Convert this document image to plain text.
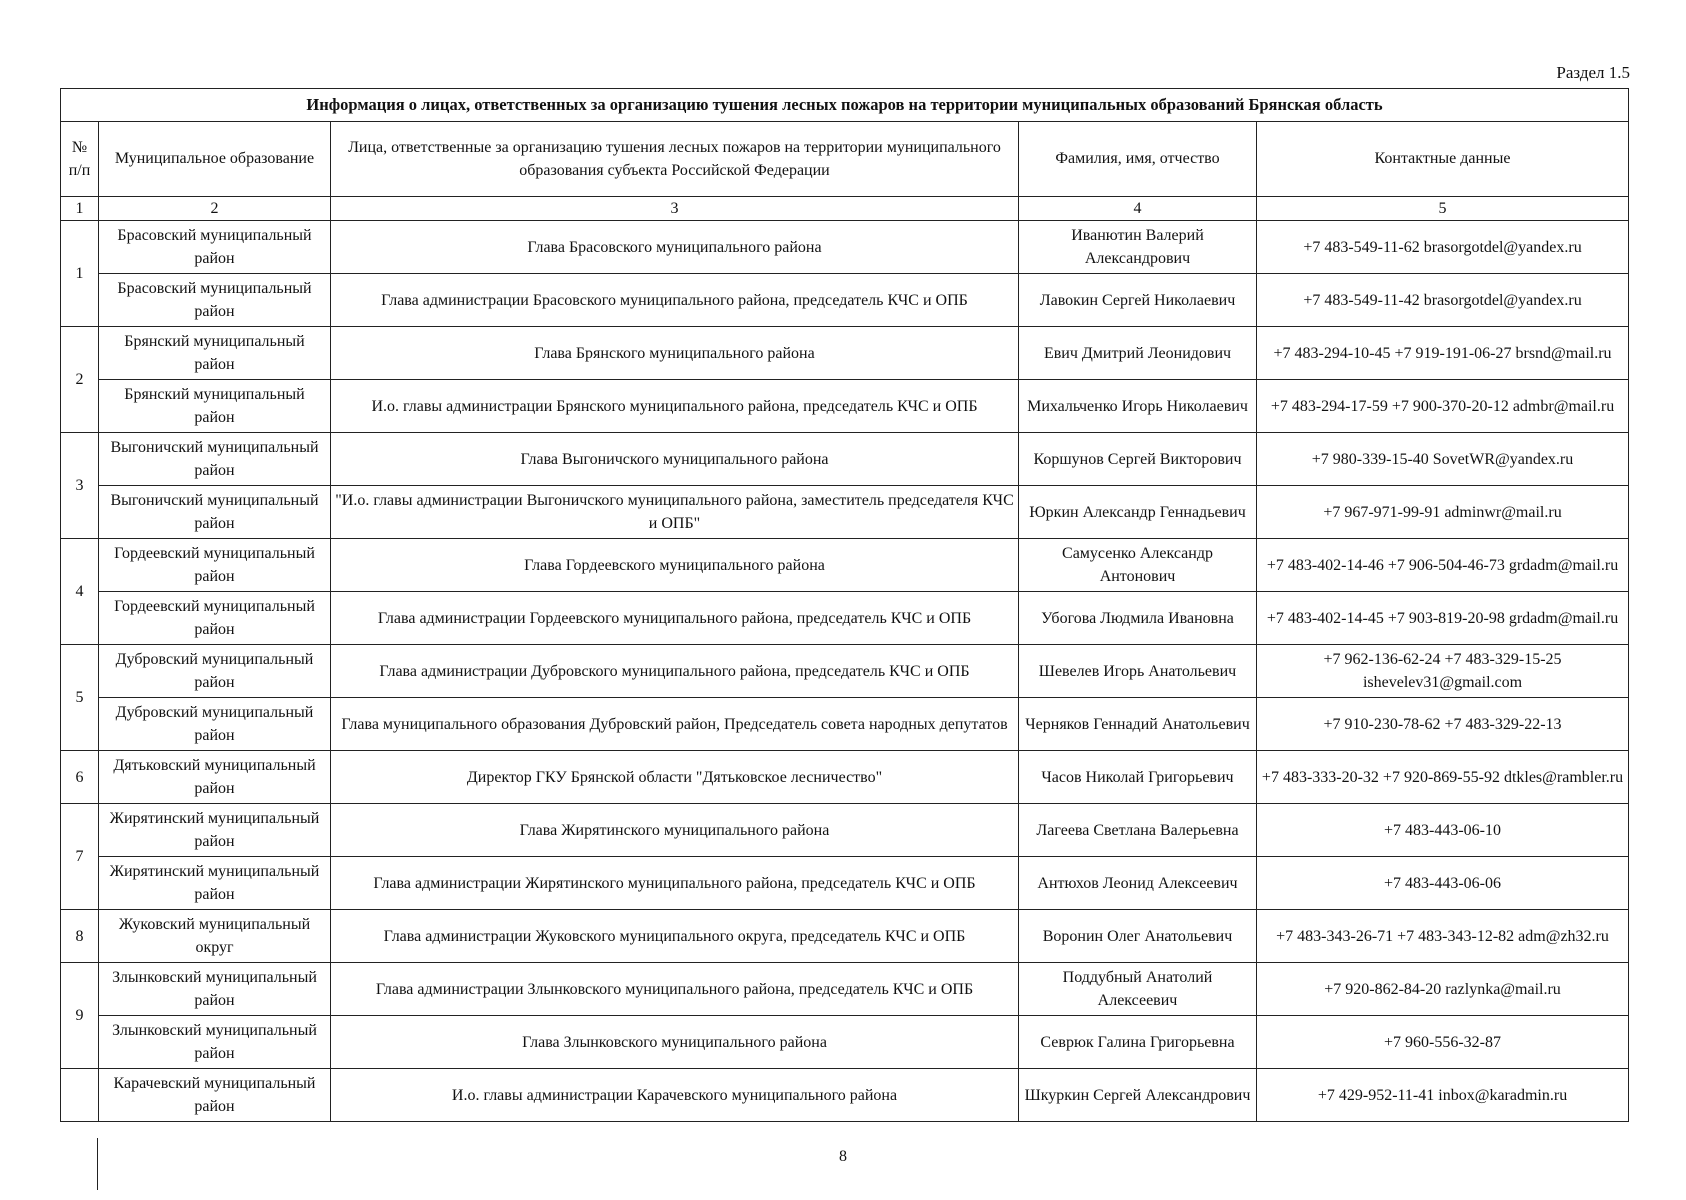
Раздел 1.5
Информация о лицах, ответственных за организацию тушения лесных пожаров на территории муниципальных образований Брянская область				
№ п/п	Муниципальное образование	Лица, ответственные за организацию тушения лесных пожаров на территории муниципального образования субъекта Российской Федерации	Фамилия, имя, отчество	Контактные данные
1	2	3	4	5
1	Брасовский муниципальный район	Глава Брасовского муниципального района	Иванютин Валерий Александрович	+7 483-549-11-62 brasorgotdel@yandex.ru
	Брасовский муниципальный район	Глава администрации Брасовского муниципального района, председатель КЧС и ОПБ	Лавокин Сергей Николаевич	+7 483-549-11-42 brasorgotdel@yandex.ru
2	Брянский муниципальный район	Глава Брянского муниципального района	Евич Дмитрий Леонидович	+7 483-294-10-45 +7 919-191-06-27 brsnd@mail.ru
	Брянский муниципальный район	И.о. главы администрации Брянского муниципального района, председатель КЧС и ОПБ	Михальченко Игорь Николаевич	+7 483-294-17-59 +7 900-370-20-12 admbr@mail.ru
3	Выгоничский муниципальный район	Глава Выгоничского муниципального района	Коршунов Сергей Викторович	+7 980-339-15-40 SovetWR@yandex.ru
	Выгоничский муниципальный район	"И.о. главы администрации Выгоничского муниципального района, заместитель председателя КЧС и ОПБ"	Юркин Александр Геннадьевич	+7 967-971-99-91 adminwr@mail.ru
4	Гордеевский муниципальный район	Глава Гордеевского муниципального района	Самусенко Александр Антонович	+7 483-402-14-46 +7 906-504-46-73 grdadm@mail.ru
	Гордеевский муниципальный район	Глава администрации Гордеевского муниципального района, председатель КЧС и ОПБ	Убогова Людмила Ивановна	+7 483-402-14-45 +7 903-819-20-98 grdadm@mail.ru
5	Дубровский муниципальный район	Глава администрации Дубровского муниципального района, председатель КЧС и ОПБ	Шевелев Игорь Анатольевич	+7 962-136-62-24 +7 483-329-15-25 ishevelev31@gmail.com
	Дубровский муниципальный район	Глава муниципального образования Дубровский район, Председатель совета народных депутатов	Черняков Геннадий Анатольевич	+7 910-230-78-62 +7 483-329-22-13
6	Дятьковский муниципальный район	Директор ГКУ Брянской области "Дятьковское лесничество"	Часов Николай Григорьевич	+7 483-333-20-32 +7 920-869-55-92 dtkles@rambler.ru
7	Жирятинский муниципальный район	Глава Жирятинского муниципального района	Лагеева Светлана Валерьевна	+7 483-443-06-10
	Жирятинский муниципальный район	Глава администрации Жирятинского муниципального района, председатель КЧС и ОПБ	Антюхов Леонид Алексеевич	+7 483-443-06-06
8	Жуковский муниципальный округ	Глава администрации Жуковского муниципального округа, председатель КЧС и ОПБ	Воронин Олег Анатольевич	+7 483-343-26-71 +7 483-343-12-82 adm@zh32.ru
9	Злынковский муниципальный район	Глава администрации Злынковского муниципального района, председатель КЧС и ОПБ	Поддубный Анатолий Алексеевич	+7 920-862-84-20 razlynka@mail.ru
	Злынковский муниципальный район	Глава Злынковского муниципального района	Севрюк Галина Григорьевна	+7 960-556-32-87
	Карачевский муниципальный район	И.о. главы администрации Карачевского муниципального района	Шкуркин Сергей Александрович	+7 429-952-11-41 inbox@karadmin.ru
8
